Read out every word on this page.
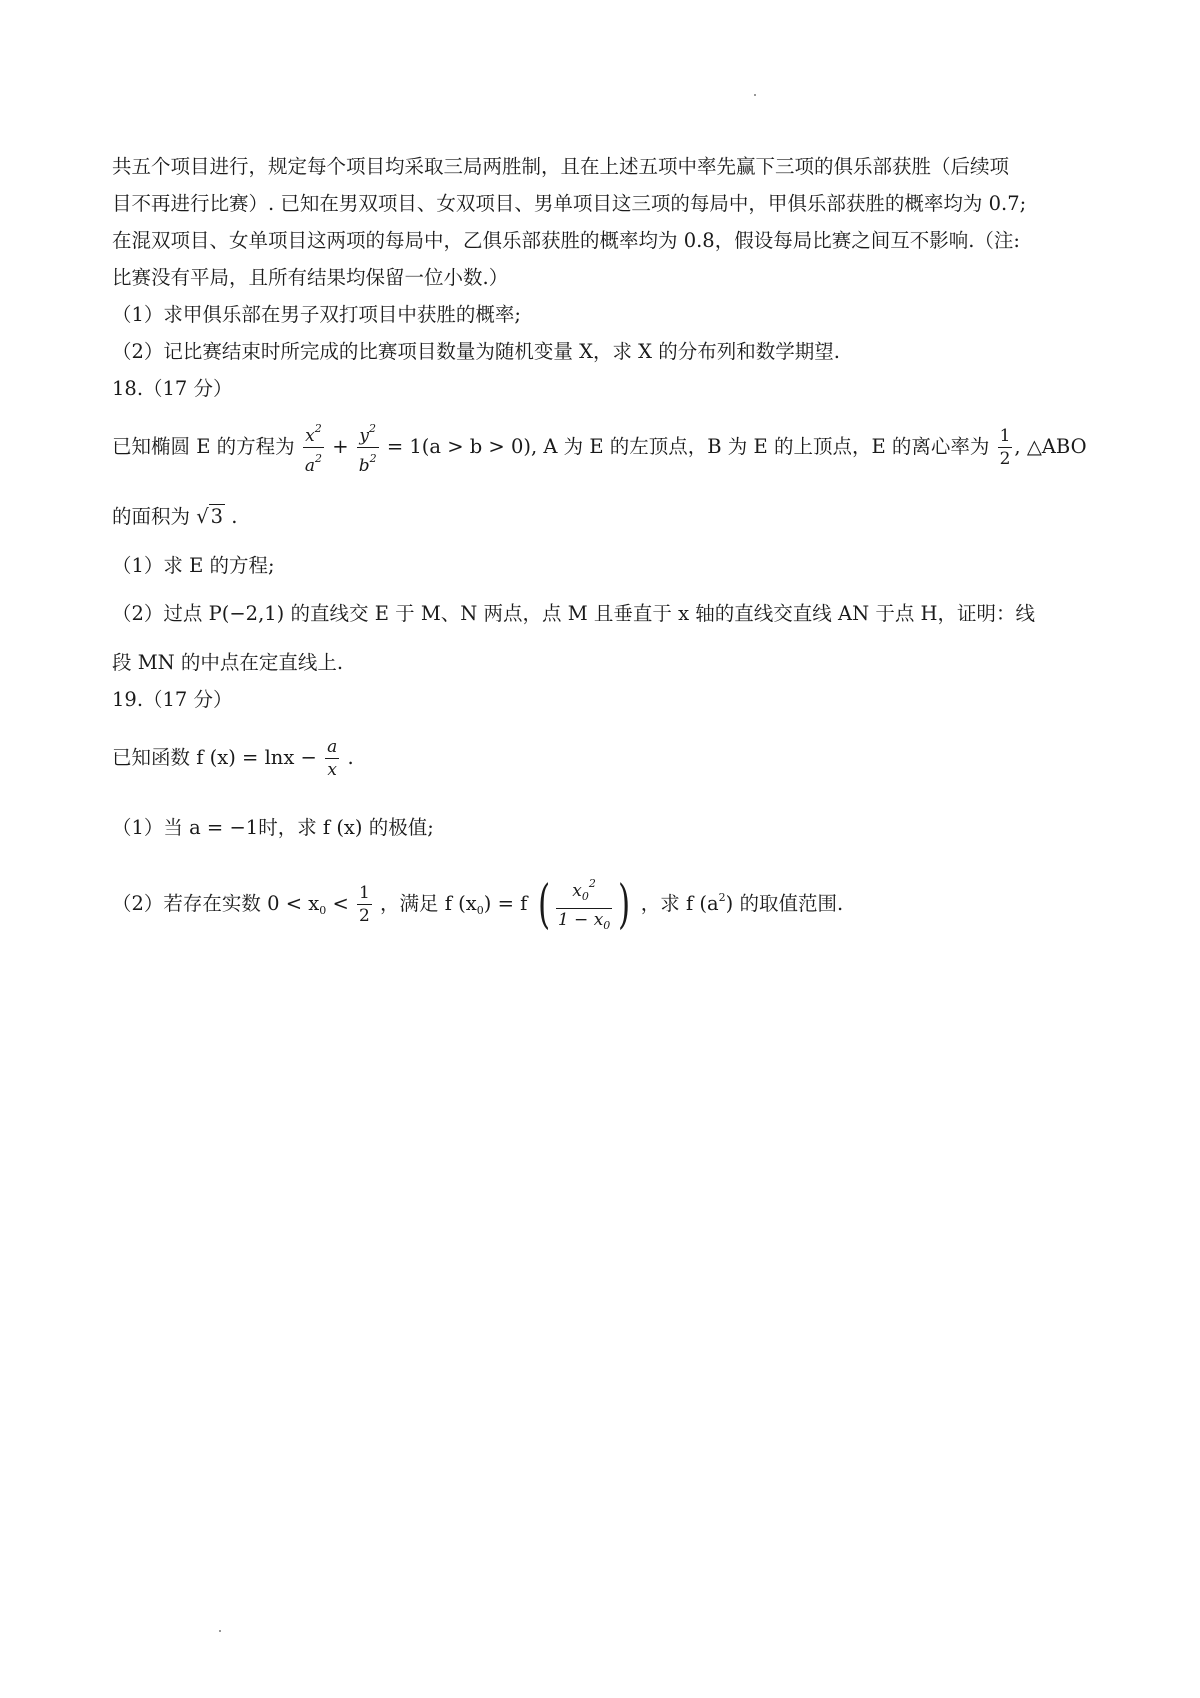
共五个项目进行，规定每个项目均采取三局两胜制，且在上述五项中率先赢下三项的俱乐部获胜（后续项
目不再进行比赛）. 已知在男双项目、女双项目、男单项目这三项的每局中，甲俱乐部获胜的概率均为 0.7;
在混双项目、女单项目这两项的每局中，乙俱乐部获胜的概率均为 0.8，假设每局比赛之间互不影响.（注:
比赛没有平局，且所有结果均保留一位小数.）
（1）求甲俱乐部在男子双打项目中获胜的概率;
（2）记比赛结束时所完成的比赛项目数量为随机变量 X，求 X 的分布列和数学期望.
18.（17 分）
已知椭圆 E 的方程为 $\frac{x^2}{a^2} + \frac{y^2}{b^2} = 1(a > b > 0)$, A 为 E 的左顶点，B 为 E 的上顶点，E 的离心率为 $\frac{1}{2}$ , △ABO
的面积为 √ 3 .
（1）求 E 的方程;
（2）过点 P(−2,1) 的直线交 E 于 M、N 两点，点 M 且垂直于 x 轴的直线交直线 AN 于点 H，证明：线
段 MN 的中点在定直线上.
19.（17 分）
已知函数 f $(x) = \ln x - \frac{a}{x}$ .
（1）当 a = −1时，求 f (x) 的极值;
（2）若存在实数 $0 < x_0 < \frac{1}{2}$ ，满足 f $(x_0) = f$ ( $\frac{x_0^2}{1 - x_0}$ ) ，求 f $(a^2)$ 的取值范围.
